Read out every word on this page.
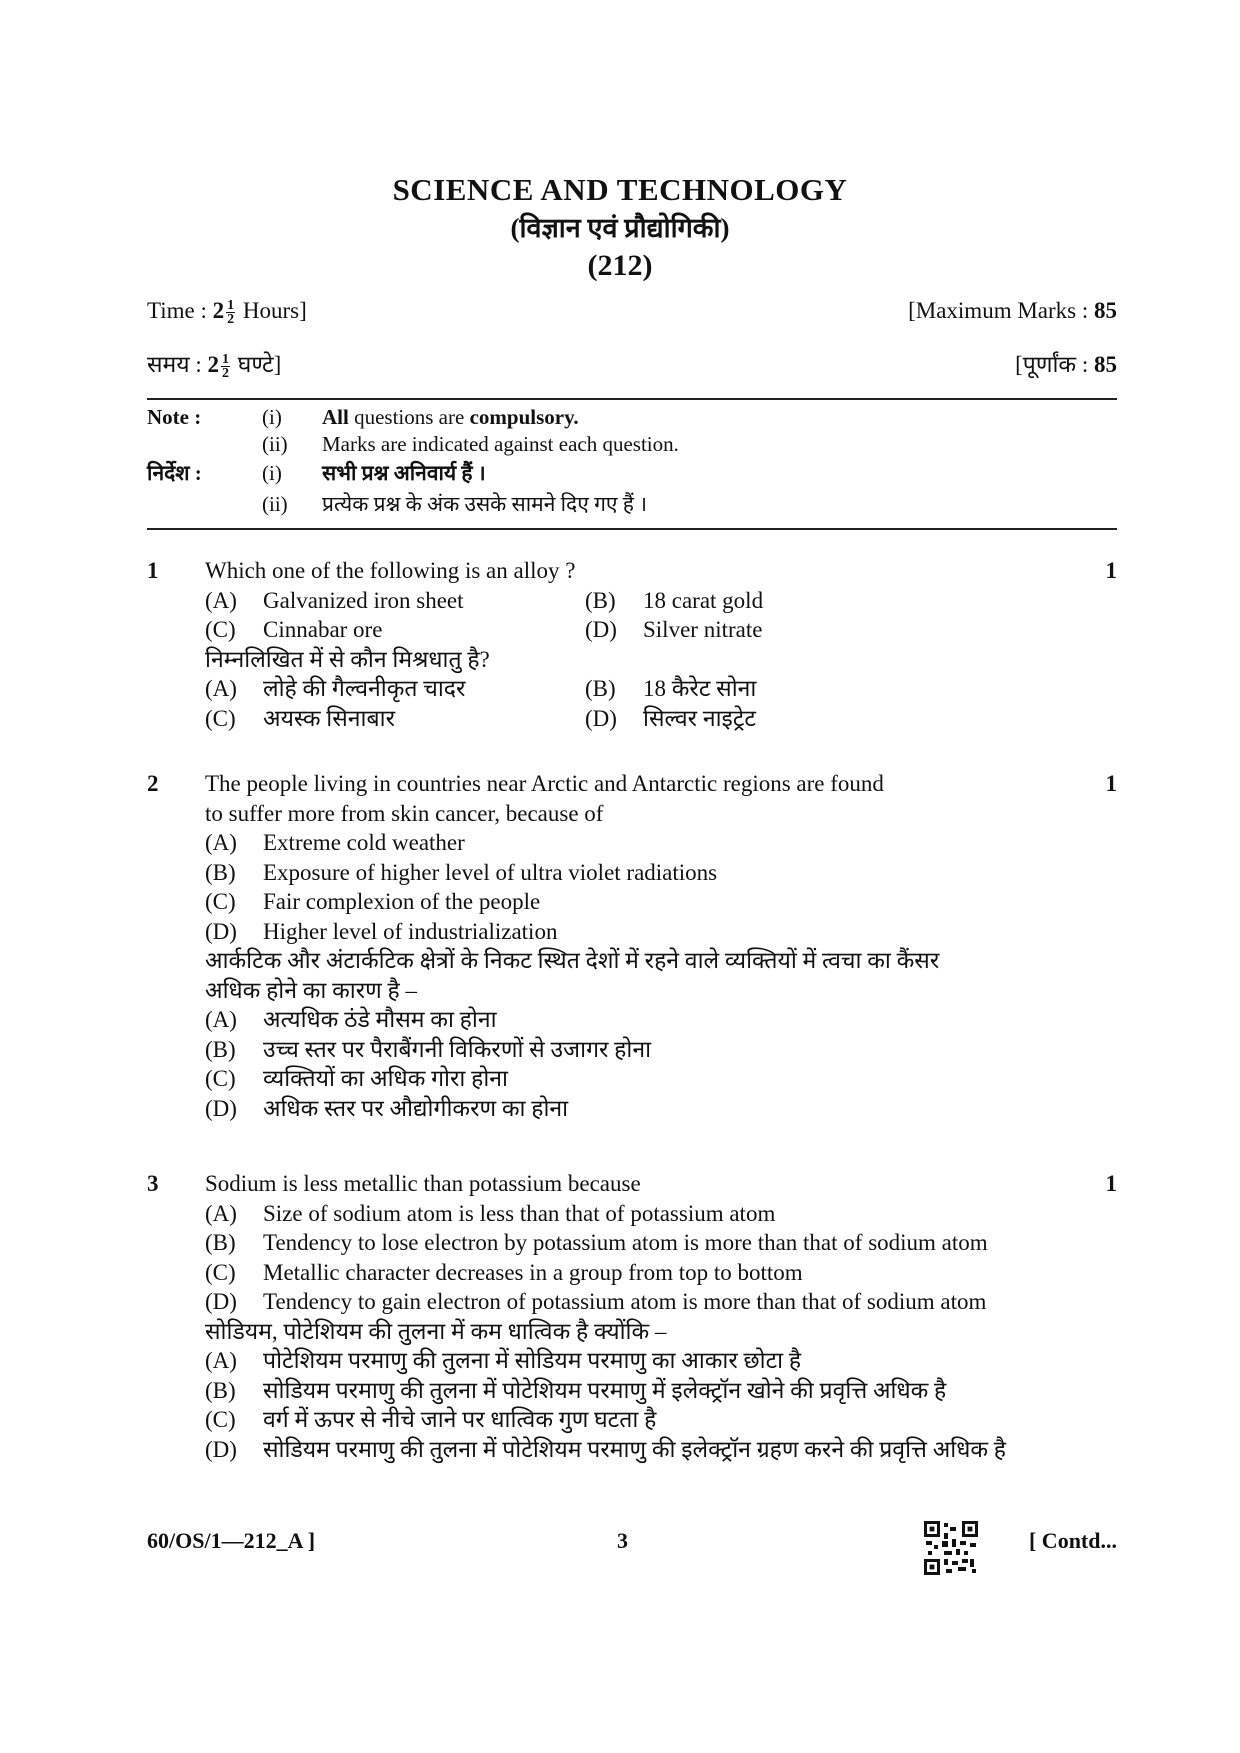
SCIENCE AND TECHNOLOGY
(विज्ञान एवं प्रौद्योगिकी)
(212)
Time : $2 \frac{1}{2}$ Hours]	[Maximum Marks : 85
समय : $2 \frac{1}{2}$ घण्टे]	[पूर्णांक : 85
Note :	(i) All questions are compulsory.
(ii) Marks are indicated against each question.
निर्देश :	(i) सभी प्रश्न अनिवार्य हैं ।
(ii) प्रत्येक प्रश्न के अंक उसके सामने दिए गए हैं ।
1	1
Which one of the following is an alloy ?
(A) Galvanized iron sheet	(B) 18 carat gold
(C) Cinnabar ore	(D) Silver nitrate
निम्नलिखित में से कौन मिश्रधातु है?
(A) लोहे की गैल्वनीकृत चादर	(B) 18 कैरेट सोना
(C) अयस्क सिनाबार	(D) सिल्वर नाइट्रेट
2	1
The people living in countries near Arctic and Antarctic regions are found
to suffer more from skin cancer, because of
(A) Extreme cold weather
(B) Exposure of higher level of ultra violet radiations
(C) Fair complexion of the people
(D) Higher level of industrialization
आर्कटिक और अंटार्कटिक क्षेत्रों के निकट स्थित देशों में रहने वाले व्यक्तियों में त्वचा का कैंसर
अधिक होने का कारण है –
(A) अत्यधिक ठंडे मौसम का होना
(B) उच्च स्तर पर पैराबैंगनी विकिरणों से उजागर होना
(C) व्यक्तियों का अधिक गोरा होना
(D) अधिक स्तर पर औद्योगीकरण का होना
3	1
Sodium is less metallic than potassium because
(A) Size of sodium atom is less than that of potassium atom
(B) Tendency to lose electron by potassium atom is more than that of sodium atom
(C) Metallic character decreases in a group from top to bottom
(D) Tendency to gain electron of potassium atom is more than that of sodium atom
सोडियम, पोटेशियम की तुलना में कम धात्विक है क्योंकि –
(A) पोटेशियम परमाणु की तुलना में सोडियम परमाणु का आकार छोटा है
(B) सोडियम परमाणु की तुलना में पोटेशियम परमाणु में इलेक्ट्रॉन खोने की प्रवृत्ति अधिक है
(C) वर्ग में ऊपर से नीचे जाने पर धात्विक गुण घटता है
(D) सोडियम परमाणु की तुलना में पोटेशियम परमाणु की इलेक्ट्रॉन ग्रहण करने की प्रवृत्ति अधिक है
60/OS/1—212_A ]	3	[ Contd...
